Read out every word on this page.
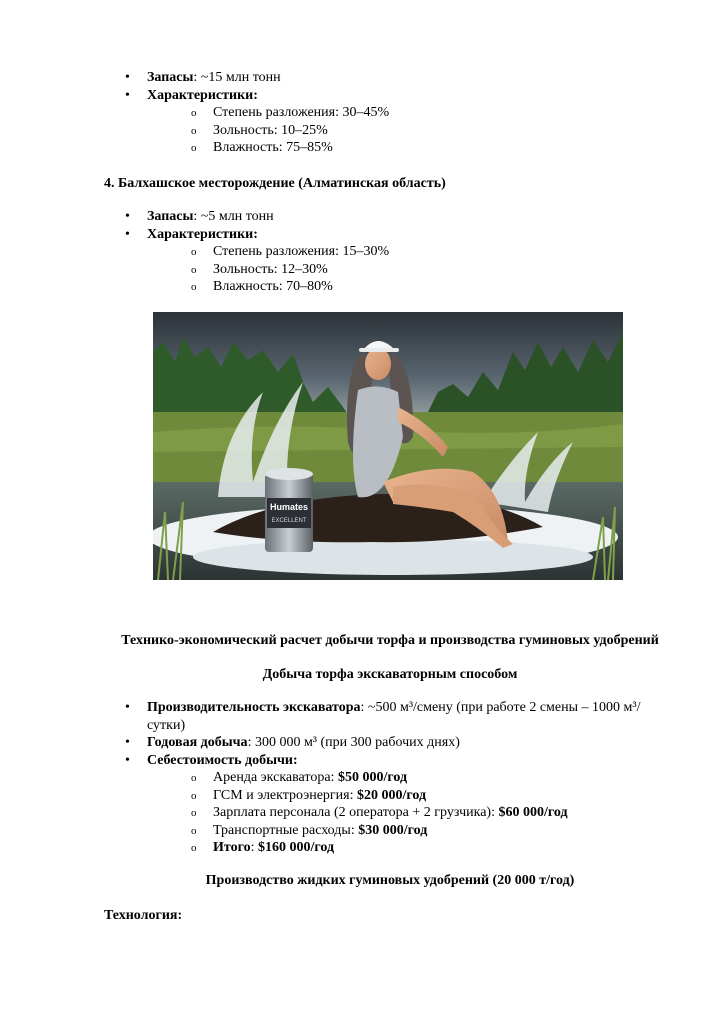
• Запасы: ~15 млн тонн
• Характеристики:
o Степень разложения: 30–45%
o Зольность: 10–25%
o Влажность: 75–85%
4. Балхашское месторождение (Алматинская область)
• Запасы: ~5 млн тонн
• Характеристики:
o Степень разложения: 15–30%
o Зольность: 12–30%
o Влажность: 70–80%
Humates
EXCELLENT
Технико-экономический расчет добычи торфа и производства гуминовых удобрений
Добыча торфа экскаваторным способом
• Производительность экскаватора: ~500 м³/смену (при работе 2 смены – 1000 м³/сутки)
• Годовая добыча: 300 000 м³ (при 300 рабочих днях)
• Себестоимость добычи:
o Аренда экскаватора: $50 000/год
o ГСМ и электроэнергия: $20 000/год
o Зарплата персонала (2 оператора + 2 грузчика): $60 000/год
o Транспортные расходы: $30 000/год
o Итого: $160 000/год
Производство жидких гуминовых удобрений (20 000 т/год)
Технология:
